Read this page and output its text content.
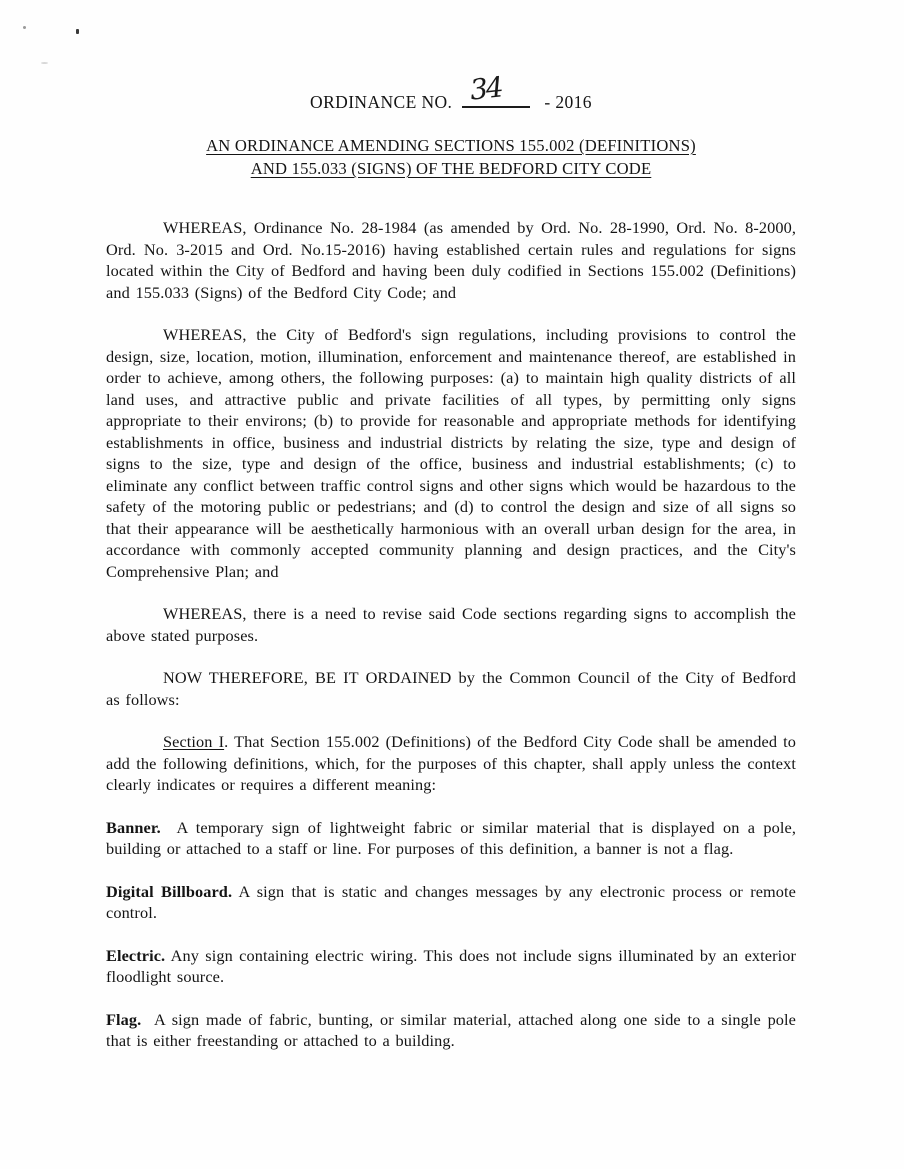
ORDINANCE NO. 34 - 2016
AN ORDINANCE AMENDING SECTIONS 155.002 (DEFINITIONS)
AND 155.033 (SIGNS) OF THE BEDFORD CITY CODE

WHEREAS, Ordinance No. 28-1984 (as amended by Ord. No. 28-1990, Ord. No. 8-2000, Ord. No. 3-2015 and Ord. No.15-2016) having established certain rules and regulations for signs located within the City of Bedford and having been duly codified in Sections 155.002 (Definitions) and 155.033 (Signs) of the Bedford City Code; and

WHEREAS, the City of Bedford's sign regulations, including provisions to control the design, size, location, motion, illumination, enforcement and maintenance thereof, are established in order to achieve, among others, the following purposes: (a) to maintain high quality districts of all land uses, and attractive public and private facilities of all types, by permitting only signs appropriate to their environs; (b) to provide for reasonable and appropriate methods for identifying establishments in office, business and industrial districts by relating the size, type and design of signs to the size, type and design of the office, business and industrial establishments; (c) to eliminate any conflict between traffic control signs and other signs which would be hazardous to the safety of the motoring public or pedestrians; and (d) to control the design and size of all signs so that their appearance will be aesthetically harmonious with an overall urban design for the area, in accordance with commonly accepted community planning and design practices, and the City's Comprehensive Plan; and

WHEREAS, there is a need to revise said Code sections regarding signs to accomplish the above stated purposes.

NOW THEREFORE, BE IT ORDAINED by the Common Council of the City of Bedford as follows:

Section I. That Section 155.002 (Definitions) of the Bedford City Code shall be amended to add the following definitions, which, for the purposes of this chapter, shall apply unless the context clearly indicates or requires a different meaning:

Banner. A temporary sign of lightweight fabric or similar material that is displayed on a pole, building or attached to a staff or line. For purposes of this definition, a banner is not a flag.

Digital Billboard. A sign that is static and changes messages by any electronic process or remote control.

Electric. Any sign containing electric wiring. This does not include signs illuminated by an exterior floodlight source.

Flag. A sign made of fabric, bunting, or similar material, attached along one side to a single pole that is either freestanding or attached to a building.
